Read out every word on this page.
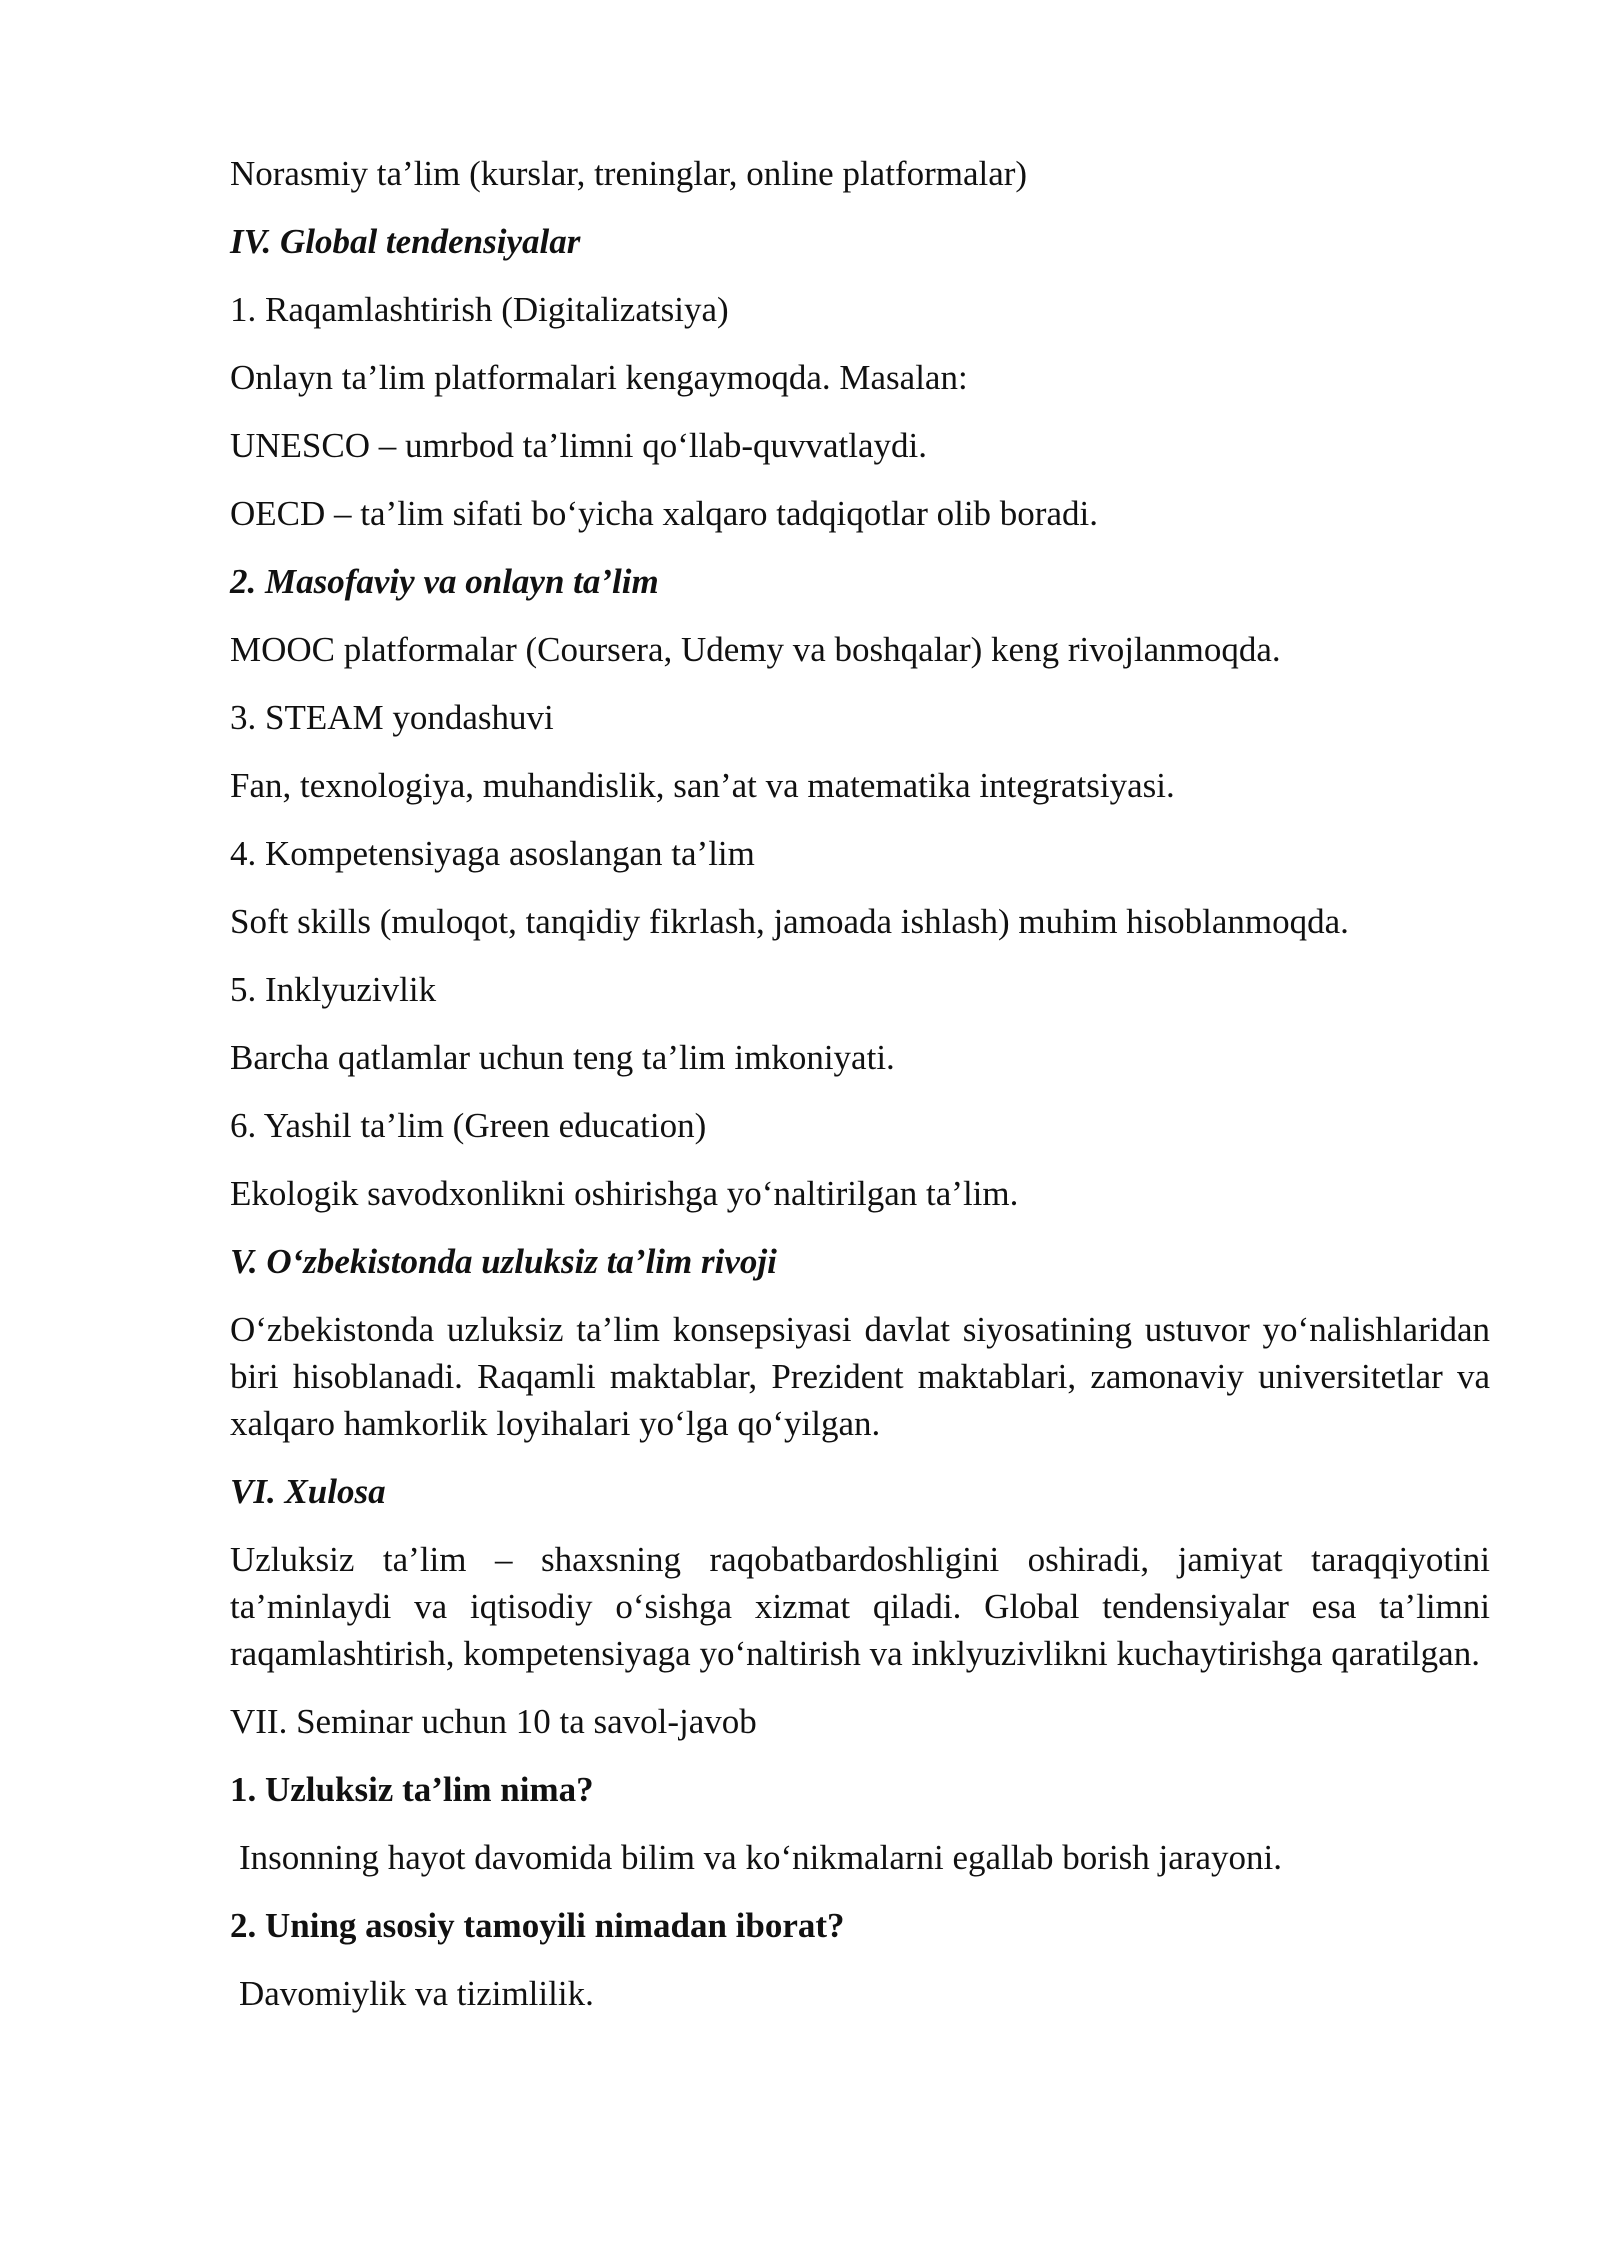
Norasmiy ta’lim (kurslar, treninglar, online platformalar)

IV. Global tendensiyalar

1. Raqamlashtirish (Digitalizatsiya)

Onlayn ta’lim platformalari kengaymoqda. Masalan:

UNESCO – umrbod ta’limni qo‘llab-quvvatlaydi.

OECD – ta’lim sifati bo‘yicha xalqaro tadqiqotlar olib boradi.

2. Masofaviy va onlayn ta’lim

MOOC platformalar (Coursera, Udemy va boshqalar) keng rivojlanmoqda.

3. STEAM yondashuvi

Fan, texnologiya, muhandislik, san’at va matematika integratsiyasi.

4. Kompetensiyaga asoslangan ta’lim

Soft skills (muloqot, tanqidiy fikrlash, jamoada ishlash) muhim hisoblanmoqda.

5. Inklyuzivlik

Barcha qatlamlar uchun teng ta’lim imkoniyati.

6. Yashil ta’lim (Green education)

Ekologik savodxonlikni oshirishga yo‘naltirilgan ta’lim.

V. O‘zbekistonda uzluksiz ta’lim rivoji

O‘zbekistonda uzluksiz ta’lim konsepsiyasi davlat siyosatining ustuvor yo‘nalishlaridan biri hisoblanadi. Raqamli maktablar, Prezident maktablari, zamonaviy universitetlar va xalqaro hamkorlik loyihalari yo‘lga qo‘yilgan.

VI. Xulosa

Uzluksiz ta’lim – shaxsning raqobatbardoshligini oshiradi, jamiyat taraqqiyotini ta’minlaydi va iqtisodiy o‘sishga xizmat qiladi. Global tendensiyalar esa ta’limni raqamlashtirish, kompetensiyaga yo‘naltirish va inklyuzivlikni kuchaytirishga qaratilgan.

VII. Seminar uchun 10 ta savol-javob

1. Uzluksiz ta’lim nima?

Insonning hayot davomida bilim va ko‘nikmalarni egallab borish jarayoni.

2. Uning asosiy tamoyili nimadan iborat?

Davomiylik va tizimlilik.
